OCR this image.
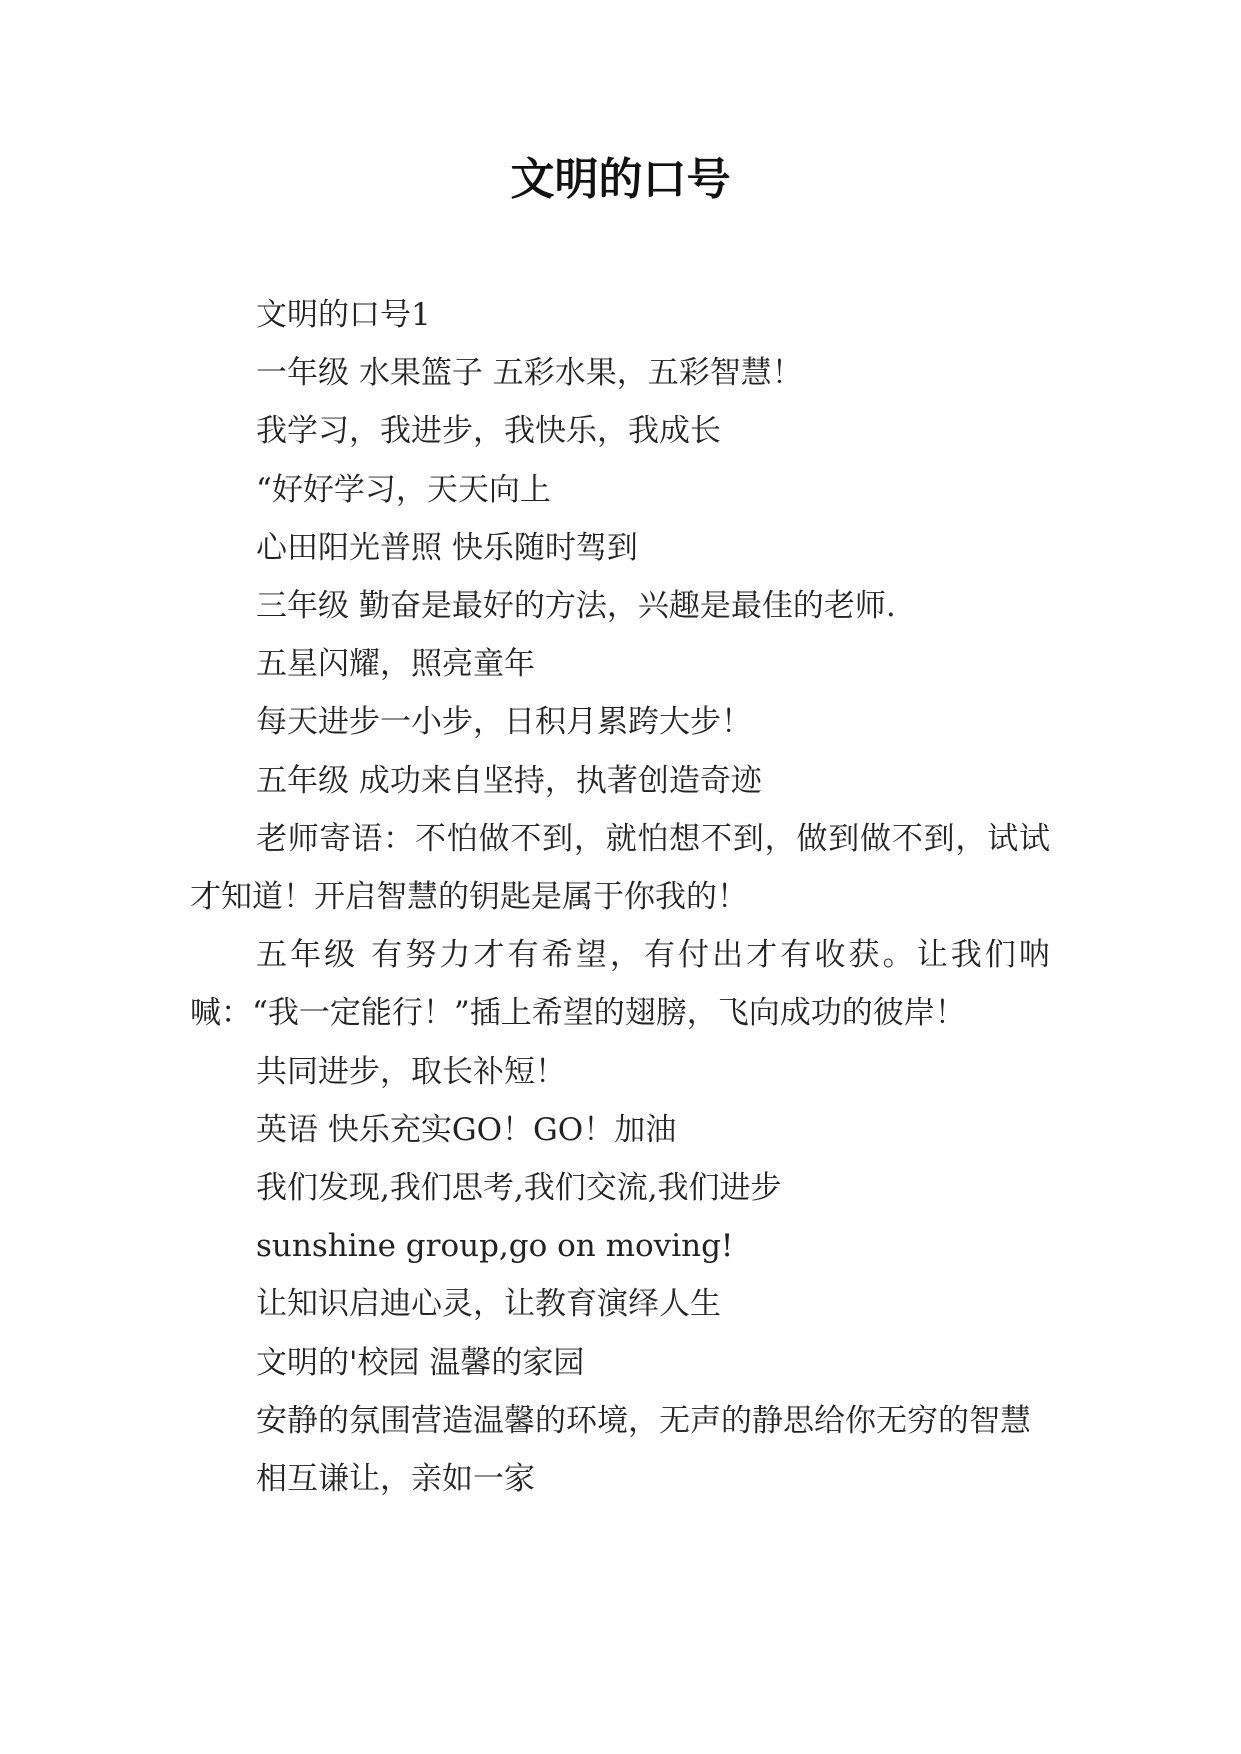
文明的口号

文明的口号1

一年级 水果篮子 五彩水果，五彩智慧！

我学习，我进步，我快乐，我成长

“好好学习，天天向上

心田阳光普照 快乐随时驾到

三年级 勤奋是最好的方法，兴趣是最佳的老师.

五星闪耀，照亮童年

每天进步一小步，日积月累跨大步！

五年级 成功来自坚持，执著创造奇迹

老师寄语：不怕做不到，就怕想不到，做到做不到，试试才知道！开启智慧的钥匙是属于你我的！

五年级 有努力才有希望，有付出才有收获。让我们呐喊：“我一定能行！”插上希望的翅膀，飞向成功的彼岸！

共同进步，取长补短！

英语 快乐充实GO！GO！加油

我们发现,我们思考,我们交流,我们进步

sunshine group,go on moving!

让知识启迪心灵，让教育演绎人生

文明的'校园 温馨的家园

安静的氛围营造温馨的环境，无声的静思给你无穷的智慧

相互谦让，亲如一家
